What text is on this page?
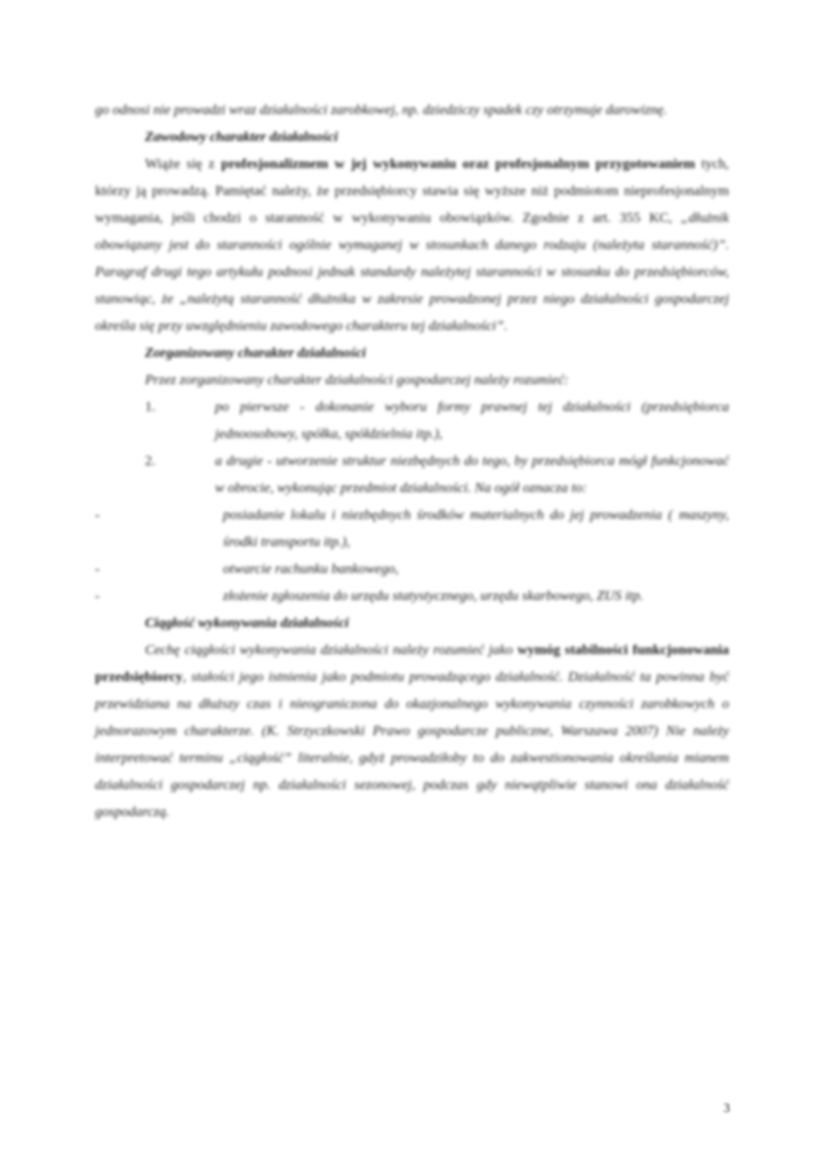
go odnosi nie prowadzi wraz działalności zarobkowej, np. dziedziczy spadek czy otrzymuje darowiznę.

Zawodowy charakter działalności

Wiąże się z profesjonalizmem w jej wykonywaniu oraz profesjonalnym przygotowaniem tych, którzy ją prowadzą. Pamiętać należy, że przedsiębiorcy stawia się wyższe niż podmiotom nieprofesjonalnym wymagania, jeśli chodzi o staranność w wykonywaniu obowiązków. Zgodnie z art. 355 KC, „dłużnik obowiązany jest do staranności ogólnie wymaganej w stosunkach danego rodzaju (należyta staranność)”. Paragraf drugi tego artykułu podnosi jednak standardy należytej staranności w stosunku do przedsiębiorców, stanowiąc, że „należytą staranność dłużnika w zakresie prowadzonej przez niego działalności gospodarczej określa się przy uwzględnieniu zawodowego charakteru tej działalności”.

Zorganizowany charakter działalności

Przez zorganizowany charakter działalności gospodarczej należy rozumieć:

1.	po pierwsze - dokonanie wyboru formy prawnej tej działalności (przedsiębiorca jednoosobowy, spółka, spółdzielnia itp.),
2.	a drugie - utworzenie struktur niezbędnych do tego, by przedsiębiorca mógł funkcjonować w obrocie, wykonując przedmiot działalności. Na ogół oznacza to:
-	posiadanie lokalu i niezbędnych środków materialnych do jej prowadzenia ( maszyny, środki transportu itp.),
-	otwarcie rachunku bankowego,
-	złożenie zgłoszenia do urzędu statystycznego, urzędu skarbowego, ZUS itp.

Ciągłość wykonywania działalności

Cechę ciągłości wykonywania działalności należy rozumieć jako wymóg stabilności funkcjonowania przedsiębiorcy, stałości jego istnienia jako podmiotu prowadzącego działalność. Działalność ta powinna być przewidziana na dłuższy czas i nieograniczona do okazjonalnego wykonywania czynności zarobkowych o jednorazowym charakterze. (K. Strzyczkowski Prawo gospodarcze publiczne, Warszawa 2007) Nie należy interpretować terminu „ciągłość” literalnie, gdyż prowadziłoby to do zakwestionowania określania mianem działalności gospodarczej np. działalności sezonowej, podczas gdy niewątpliwie stanowi ona działalność gospodarczą.

3
